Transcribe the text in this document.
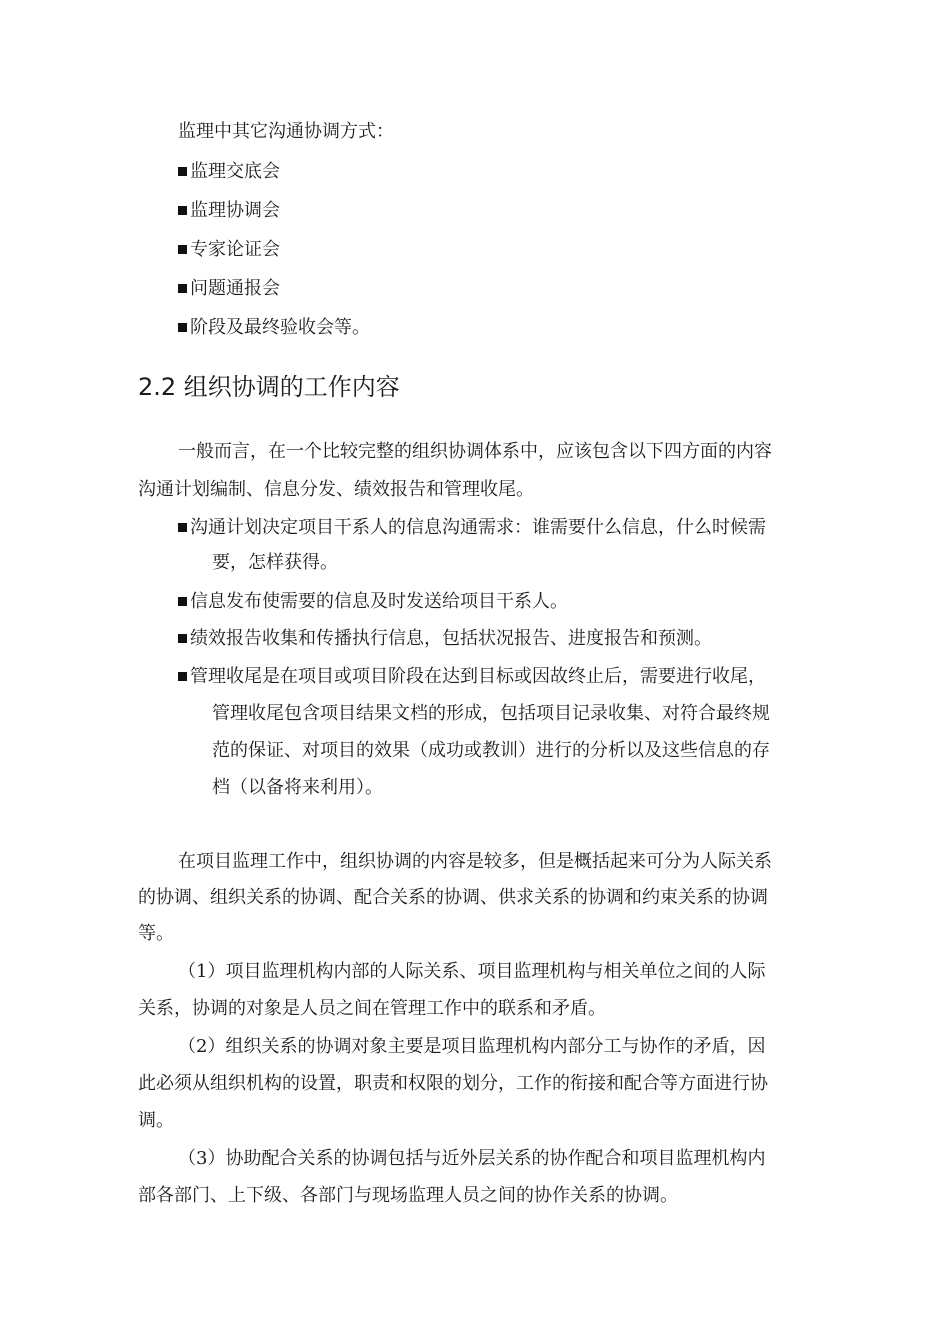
监理中其它沟通协调方式：
监理交底会
监理协调会
专家论证会
问题通报会
阶段及最终验收会等。
2.2 组织协调的工作内容
一般而言，在一个比较完整的组织协调体系中，应该包含以下四方面的内容
沟通计划编制、信息分发、绩效报告和管理收尾。
沟通计划决定项目干系人的信息沟通需求：谁需要什么信息，什么时候需
要，怎样获得。
信息发布使需要的信息及时发送给项目干系人。
绩效报告收集和传播执行信息，包括状况报告、进度报告和预测。
管理收尾是在项目或项目阶段在达到目标或因故终止后，需要进行收尾，
管理收尾包含项目结果文档的形成，包括项目记录收集、对符合最终规
范的保证、对项目的效果（成功或教训）进行的分析以及这些信息的存
档（以备将来利用）。
在项目监理工作中，组织协调的内容是较多，但是概括起来可分为人际关系
的协调、组织关系的协调、配合关系的协调、供求关系的协调和约束关系的协调
等。
（1）项目监理机构内部的人际关系、项目监理机构与相关单位之间的人际
关系，协调的对象是人员之间在管理工作中的联系和矛盾。
（2）组织关系的协调对象主要是项目监理机构内部分工与协作的矛盾，因
此必须从组织机构的设置，职责和权限的划分，工作的衔接和配合等方面进行协
调。
（3）协助配合关系的协调包括与近外层关系的协作配合和项目监理机构内
部各部门、上下级、各部门与现场监理人员之间的协作关系的协调。
